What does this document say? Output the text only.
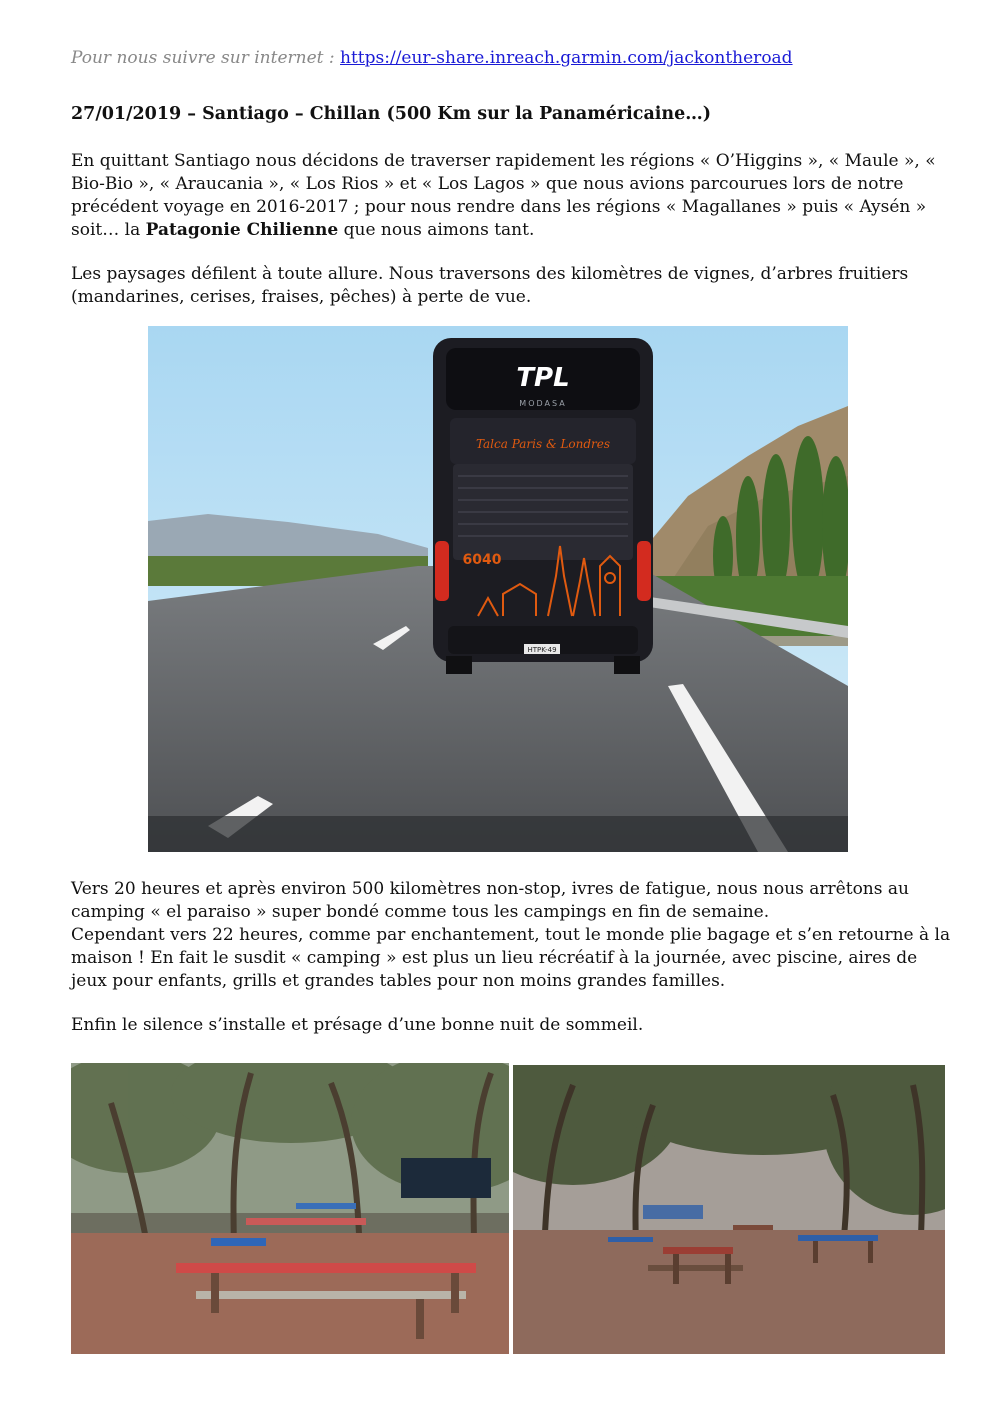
Pour nous suivre sur internet : https://eur-share.inreach.garmin.com/jackontheroad
27/01/2019 – Santiago – Chillan (500 Km sur la Panaméricaine…)

En quittant Santiago nous décidons de traverser rapidement les régions « O’Higgins », « Maule », « Bio-Bio », « Araucania », « Los Rios » et « Los Lagos » que nous avions parcourues lors de notre précédent voyage en 2016-2017 ; pour nous rendre dans les régions « Magallanes » puis « Aysén » soit… la Patagonie Chilienne que nous aimons tant.

Les paysages défilent à toute allure. Nous traversons des kilomètres de vignes, d’arbres fruitiers (mandarines, cerises, fraises, pêches) à perte de vue.

TPL
MODASA
Talca Paris & Londres
6040
HTPK-49

Vers 20 heures et après environ 500 kilomètres non-stop, ivres de fatigue, nous nous arrêtons au camping « el paraiso » super bondé comme tous les campings en fin de semaine.
Cependant vers 22 heures, comme par enchantement, tout le monde plie bagage et s’en retourne à la maison ! En fait le susdit « camping » est plus un lieu récréatif à la journée, avec piscine, aires de jeux pour enfants, grills et grandes tables pour non moins grandes familles.

Enfin le silence s’installe et présage d’une bonne nuit de sommeil.
